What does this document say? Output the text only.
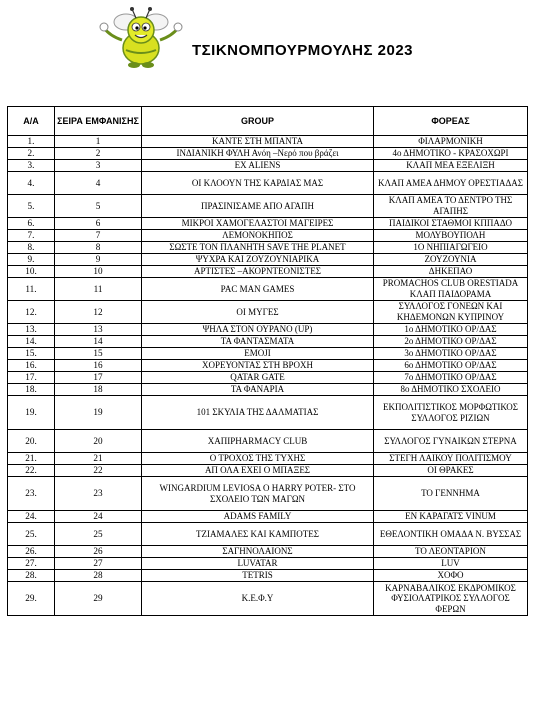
ΤΣΙΚΝΟΜΠΟΥΡΜΟΥΛΗΣ 2023
Α/Α	ΣΕΙΡΑ ΕΜΦΑΝΙΣΗΣ	GROUP	ΦΟΡΕΑΣ
1.	1	ΚΑΝΤΕ ΣΤΗ ΜΠΑΝΤΑ	ΦΙΛΑΡΜΟΝΙΚΗ
2.	2	ΙΝΔΙΑΝΙΚΗ ΦΥΛΗ Ανόη –Νερό που βράζει	4ο ΔΗΜΟΤΙΚΟ - ΚΡΑΣΟΧΩΡΙ
3.	3	EX ALIENS	ΚΛΑΠ ΜΕΑ ΕΞΕΛΙΞΗ
4.	4	ΟΙ ΚΛΟΟΥΝ ΤΗΣ ΚΑΡΔΙΑΣ ΜΑΣ	ΚΛΑΠ ΑΜΕΑ ΔΗΜΟΥ ΟΡΕΣΤΙΑΔΑΣ
5.	5	ΠΡΑΣΙΝΙΣΑΜΕ ΑΠΟ ΑΓΑΠΗ	ΚΛΑΠ ΑΜΕΑ ΤΟ ΔΕΝΤΡΟ ΤΗΣ ΑΓΑΠΗΣ
6.	6	ΜΙΚΡΟΙ ΧΑΜΟΓΕΛΑΣΤΟΙ ΜΑΓΕΙΡΕΣ	ΠΑΙΔΙΚΟΙ ΣΤΑΘΜΟΙ ΚΠΠΑΔΟ
7.	7	ΛΕΜΟΝΟΚΗΠΟΣ	ΜΟΛΥΒΟΥΠΟΛΗ
8.	8	ΣΩΣΤΕ ΤΟΝ ΠΛΑΝΗΤΗ SAVE THE PLANET	1Ο ΝΗΠΙΑΓΩΓΕΙΟ
9.	9	ΨΥΧΡΑ ΚΑΙ ΖΟΥΖΟΥΝΙΑΡΙΚΑ	ΖΟΥΖΟΥΝΙΑ
10.	10	ΑΡΤΙΣΤΕΣ –ΑΚΟΡΝΤΕΟΝΙΣΤΕΣ	ΔΗΚΕΠΑΟ
11.	11	PAC MAN GAMES	PROMACHOS CLUB ORESTIADA ΚΛΑΠ ΠΑΙΔΟΡΑΜΑ
12.	12	ΟΙ ΜΥΓΕΣ	ΣΥΛΛΟΓΟΣ ΓΟΝΕΩΝ ΚΑΙ ΚΗΔΕΜΟΝΩΝ ΚΥΠΡΙΝΟΥ
13.	13	ΨΗΛΑ ΣΤΟΝ ΟΥΡΑΝΟ (UP)	1ο ΔΗΜΟΤΙΚΟ ΟΡ/ΔΑΣ
14.	14	ΤΑ ΦΑΝΤΑΣΜΑΤΑ	2ο ΔΗΜΟΤΙΚΟ ΟΡ/ΔΑΣ
15.	15	EMOJI	3ο ΔΗΜΟΤΙΚΟ ΟΡ/ΔΑΣ
16.	16	ΧΟΡΕΥΟΝΤΑΣ ΣΤΗ ΒΡΟΧΗ	6ο ΔΗΜΟΤΙΚΟ ΟΡ/ΔΑΣ
17.	17	QATAR GATE	7ο ΔΗΜΟΤΙΚΟ ΟΡ/ΔΑΣ
18.	18	ΤΑ ΦΑΝΑΡΙΑ	8ο ΔΗΜΟΤΙΚΟ ΣΧΟΛΕΙΟ
19.	19	101 ΣΚΥΛΙΑ ΤΗΣ ΔΑΛΜΑΤΙΑΣ	ΕΚΠΟΛΙΤΙΣΤΙΚΟΣ ΜΟΡΦΩΤΙΚΟΣ ΣΥΛΛΟΓΟΣ ΡΙΖΙΩΝ
20.	20	ΧΑΠΙPHARMACY CLUB	ΣΥΛΛΟΓΟΣ ΓΥΝΑΙΚΩΝ ΣΤΕΡΝΑ
21.	21	Ο ΤΡΟΧΟΣ ΤΗΣ ΤΥΧΗΣ	ΣΤΕΓΗ ΛΑΙΚΟΥ ΠΟΛΙΤΙΣΜΟΥ
22.	22	ΑΠ ΟΛΑ ΕΧΕΙ Ο ΜΠΑΞΕΣ	ΟΙ ΘΡΑΚΕΣ
23.	23	WINGARDIUM LEVIOSA Ο HARRY POTER- ΣΤΟ ΣΧΟΛΕΙΟ ΤΩΝ ΜΑΓΩΝ	ΤΟ ΓΕΝΝΗΜΑ
24.	24	ADAMS FAMILY	ΕΝ ΚΑΡΑΓΑΤΣ VINUM
25.	25	ΤΖΙΑΜΑΛΕΣ ΚΑΙ ΚΑΜΠΟΤΕΣ	ΕΘΕΛΟΝΤΙΚΗ ΟΜΑΔΑ Ν. ΒΥΣΣΑΣ
26.	26	ΣΑΓΗΝΟΛΑΙΟΝΣ	ΤΟ ΛΕΟΝΤΑΡΙΟΝ
27.	27	LUVATAR	LUV
28.	28	TETRIS	ΧΟΦΟ
29.	29	Κ.Ε.Φ.Υ	ΚΑΡΝΑΒΑΛΙΚΟΣ ΕΚΔΡΟΜΙΚΟΣ ΦΥΣΙΟΛΑΤΡΙΚΟΣ ΣΥΛΛΟΓΟΣ ΦΕΡΩΝ
